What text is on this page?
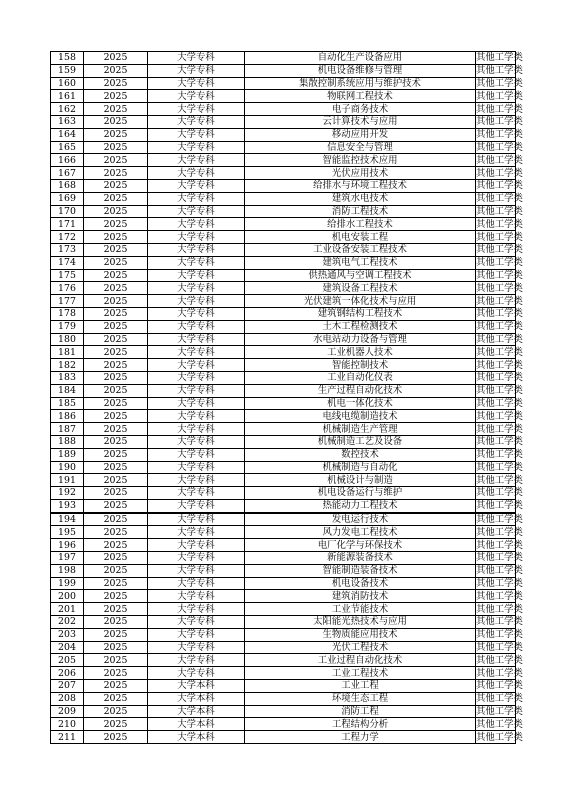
158	2025	大学专科	自动化生产设备应用	其他工学类
159	2025	大学专科	机电设备维修与管理	其他工学类
160	2025	大学专科	集散控制系统应用与维护技术	其他工学类
161	2025	大学专科	物联网工程技术	其他工学类
162	2025	大学专科	电子商务技术	其他工学类
163	2025	大学专科	云计算技术与应用	其他工学类
164	2025	大学专科	移动应用开发	其他工学类
165	2025	大学专科	信息安全与管理	其他工学类
166	2025	大学专科	智能监控技术应用	其他工学类
167	2025	大学专科	光伏应用技术	其他工学类
168	2025	大学专科	给排水与环境工程技术	其他工学类
169	2025	大学专科	建筑水电技术	其他工学类
170	2025	大学专科	消防工程技术	其他工学类
171	2025	大学专科	给排水工程技术	其他工学类
172	2025	大学专科	机电安装工程	其他工学类
173	2025	大学专科	工业设备安装工程技术	其他工学类
174	2025	大学专科	建筑电气工程技术	其他工学类
175	2025	大学专科	供热通风与空调工程技术	其他工学类
176	2025	大学专科	建筑设备工程技术	其他工学类
177	2025	大学专科	光伏建筑一体化技术与应用	其他工学类
178	2025	大学专科	建筑钢结构工程技术	其他工学类
179	2025	大学专科	土木工程检测技术	其他工学类
180	2025	大学专科	水电站动力设备与管理	其他工学类
181	2025	大学专科	工业机器人技术	其他工学类
182	2025	大学专科	智能控制技术	其他工学类
183	2025	大学专科	工业自动化仪表	其他工学类
184	2025	大学专科	生产过程自动化技术	其他工学类
185	2025	大学专科	机电一体化技术	其他工学类
186	2025	大学专科	电线电缆制造技术	其他工学类
187	2025	大学专科	机械制造生产管理	其他工学类
188	2025	大学专科	机械制造工艺及设备	其他工学类
189	2025	大学专科	数控技术	其他工学类
190	2025	大学专科	机械制造与自动化	其他工学类
191	2025	大学专科	机械设计与制造	其他工学类
192	2025	大学专科	机电设备运行与维护	其他工学类
193	2025	大学专科	热能动力工程技术	其他工学类
194	2025	大学专科	发电运行技术	其他工学类
195	2025	大学专科	风力发电工程技术	其他工学类
196	2025	大学专科	电厂化学与环保技术	其他工学类
197	2025	大学专科	新能源装备技术	其他工学类
198	2025	大学专科	智能制造装备技术	其他工学类
199	2025	大学专科	机电设备技术	其他工学类
200	2025	大学专科	建筑消防技术	其他工学类
201	2025	大学专科	工业节能技术	其他工学类
202	2025	大学专科	太阳能光热技术与应用	其他工学类
203	2025	大学专科	生物质能应用技术	其他工学类
204	2025	大学专科	光伏工程技术	其他工学类
205	2025	大学专科	工业过程自动化技术	其他工学类
206	2025	大学专科	工业工程技术	其他工学类
207	2025	大学本科	工业工程	其他工学类
208	2025	大学本科	环境生态工程	其他工学类
209	2025	大学本科	消防工程	其他工学类
210	2025	大学本科	工程结构分析	其他工学类
211	2025	大学本科	工程力学	其他工学类
